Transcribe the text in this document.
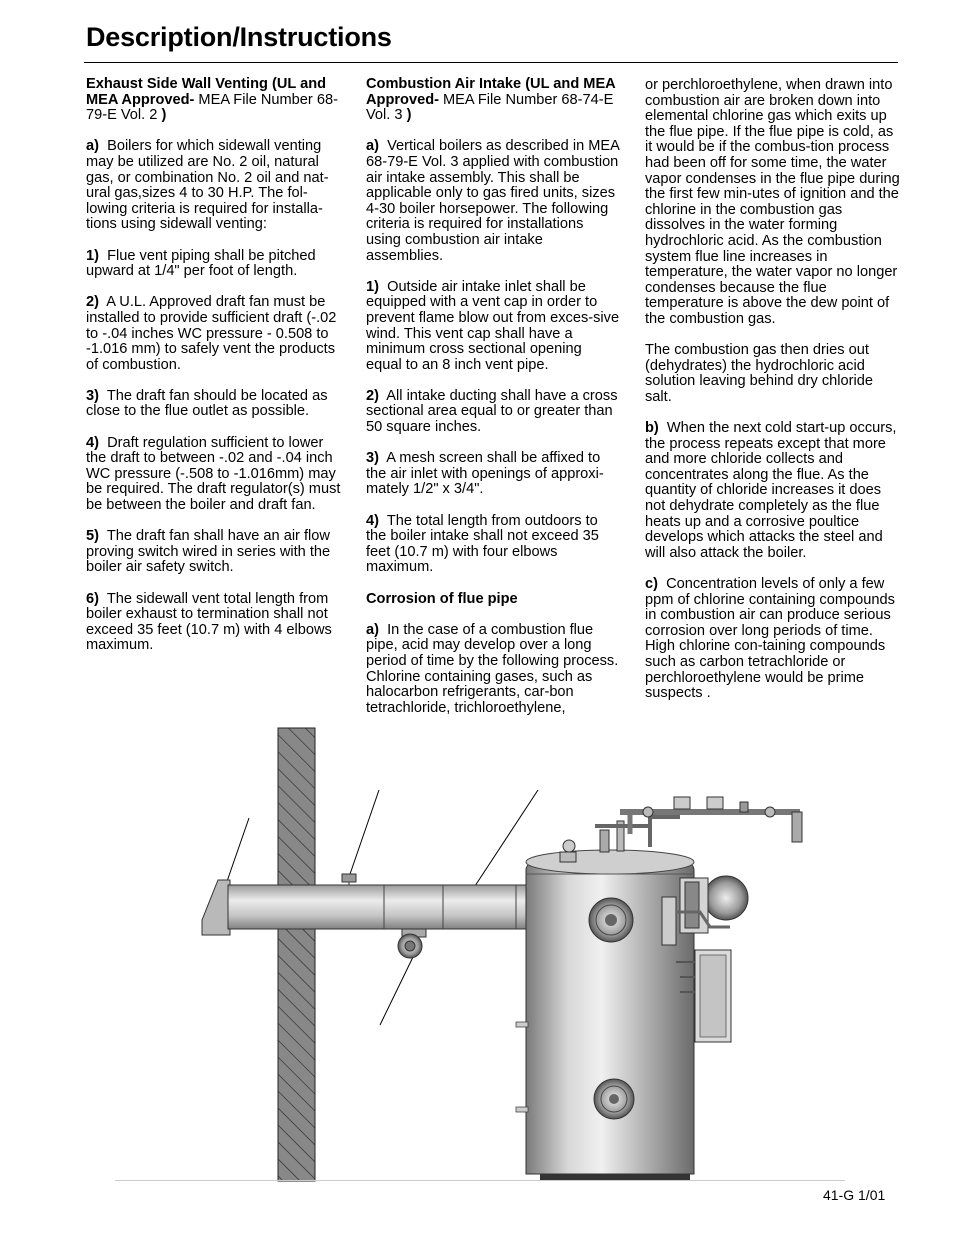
Description/Instructions

Exhaust Side Wall Venting (UL and MEA Approved- MEA File Number 68-79-E Vol. 2 )

a) Boilers for which sidewall venting may be utilized are No. 2 oil, natural gas, or combination No. 2 oil and nat-ural gas,sizes 4 to 30 H.P. The fol-lowing criteria is required for installa-tions using sidewall venting:

1) Flue vent piping shall be pitched upward at 1/4" per foot of length.

2) A U.L. Approved draft fan must be installed to provide sufficient draft (-.02 to -.04 inches WC pressure - 0.508 to -1.016 mm) to safely vent the products of combustion.

3) The draft fan should be located as close to the flue outlet as possible.

4) Draft regulation sufficient to lower the draft to between -.02 and -.04 inch WC pressure (-.508 to -1.016mm) may be required. The draft regulator(s) must be between the boiler and draft fan.

5) The draft fan shall have an air flow proving switch wired in series with the boiler air safety switch.

6) The sidewall vent total length from boiler exhaust to termination shall not exceed 35 feet (10.7 m) with 4 elbows maximum.

Combustion Air Intake (UL and MEA Approved- MEA File Number 68-74-E Vol. 3 )

a) Vertical boilers as described in MEA 68-79-E Vol. 3 applied with combustion air intake assembly. This shall be applicable only to gas fired units, sizes 4-30 boiler horsepower. The following criteria is required for installations using combustion air intake assemblies.

1) Outside air intake inlet shall be equipped with a vent cap in order to prevent flame blow out from exces-sive wind. This vent cap shall have a minimum cross sectional opening equal to an 8 inch vent pipe.

2) All intake ducting shall have a cross sectional area equal to or greater than 50 square inches.

3) A mesh screen shall be affixed to the air inlet with openings of approxi-mately 1/2" x 3/4".

4) The total length from outdoors to the boiler intake shall not exceed 35 feet (10.7 m) with four elbows maximum.

Corrosion of flue pipe

a) In the case of a combustion flue pipe, acid may develop over a long period of time by the following process. Chlorine containing gases, such as halocarbon refrigerants, car-bon tetrachloride, trichloroethylene,

or perchloroethylene, when drawn into combustion air are broken down into elemental chlorine gas which exits up the flue pipe. If the flue pipe is cold, as it would be if the combus-tion process had been off for some time, the water vapor condenses in the flue pipe during the first few min-utes of ignition and the chlorine in the combustion gas dissolves in the water forming hydrochloric acid. As the combustion system flue line increases in temperature, the water vapor no longer condenses because the flue temperature is above the dew point of the combustion gas.

The combustion gas then dries out (dehydrates) the hydrochloric acid solution leaving behind dry chloride salt.

b) When the next cold start-up occurs, the process repeats except that more and more chloride collects and concentrates along the flue. As the quantity of chloride increases it does not dehydrate completely as the flue heats up and a corrosive poultice develops which attacks the steel and will also attack the boiler.

c) Concentration levels of only a few ppm of chlorine containing compounds in combustion air can produce serious corrosion over long periods of time. High chlorine con-taining compounds such as carbon tetrachloride or perchloroethylene would be prime suspects .

41-G 1/01
